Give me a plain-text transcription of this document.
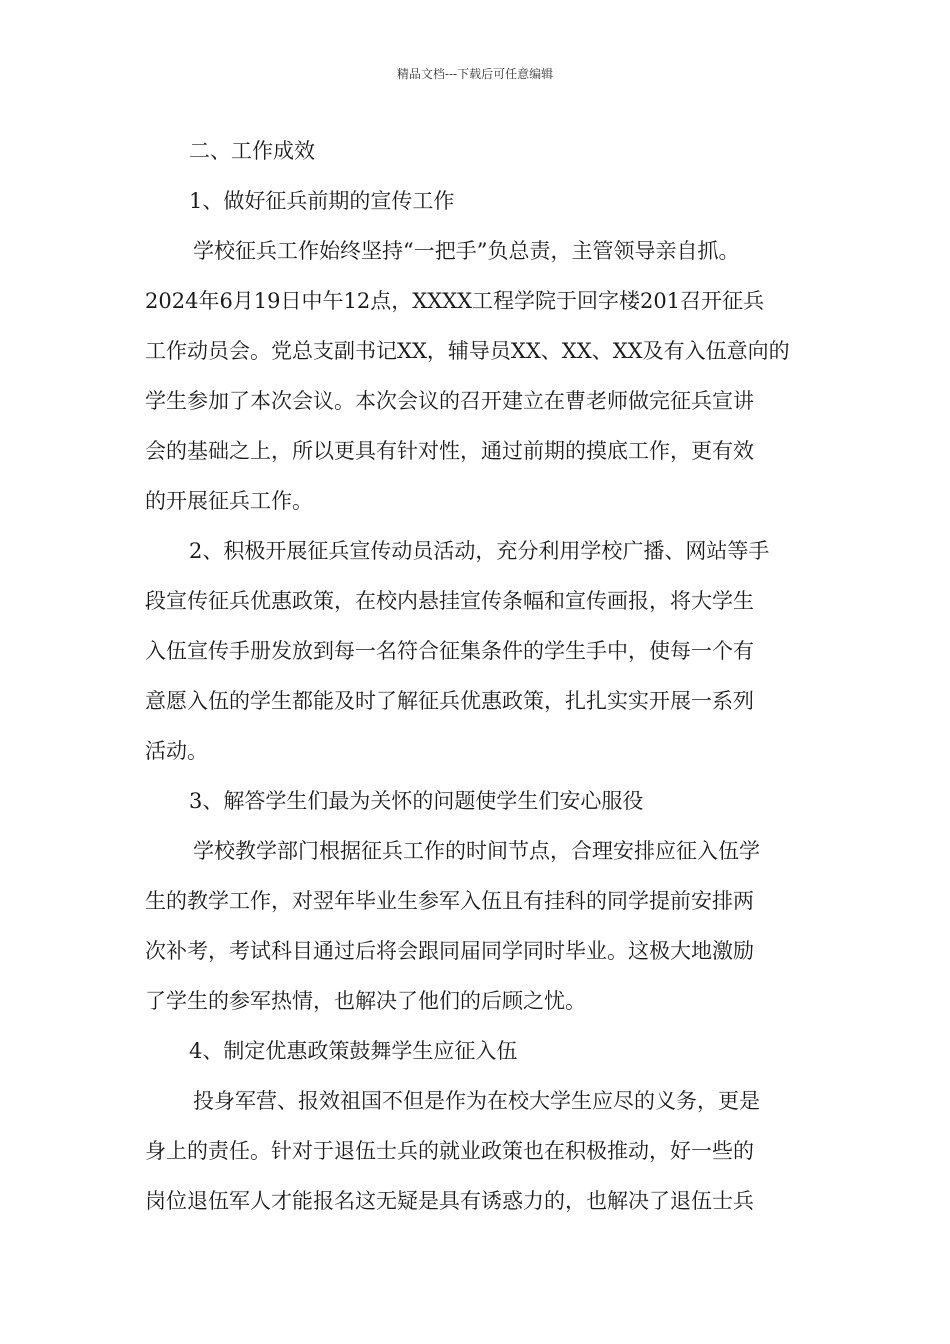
精品文档---下载后可任意编辑
二、工作成效
1、做好征兵前期的宣传工作
学校征兵工作始终坚持“一把手”负总责，主管领导亲自抓。
2024年6月19日中午12点，XXXX工程学院于回字楼201召开征兵
工作动员会。党总支副书记XX，辅导员XX、XX、XX及有入伍意向的
学生参加了本次会议。本次会议的召开建立在曹老师做完征兵宣讲
会的基础之上，所以更具有针对性，通过前期的摸底工作，更有效
的开展征兵工作。
2、积极开展征兵宣传动员活动，充分利用学校广播、网站等手
段宣传征兵优惠政策，在校内悬挂宣传条幅和宣传画报，将大学生
入伍宣传手册发放到每一名符合征集条件的学生手中，使每一个有
意愿入伍的学生都能及时了解征兵优惠政策，扎扎实实开展一系列
活动。
3、解答学生们最为关怀的问题使学生们安心服役
学校教学部门根据征兵工作的时间节点，合理安排应征入伍学
生的教学工作，对翌年毕业生参军入伍且有挂科的同学提前安排两
次补考，考试科目通过后将会跟同届同学同时毕业。这极大地激励
了学生的参军热情，也解决了他们的后顾之忧。
4、制定优惠政策鼓舞学生应征入伍
投身军营、报效祖国不但是作为在校大学生应尽的义务，更是
身上的责任。针对于退伍士兵的就业政策也在积极推动，好一些的
岗位退伍军人才能报名这无疑是具有诱惑力的，也解决了退伍士兵
